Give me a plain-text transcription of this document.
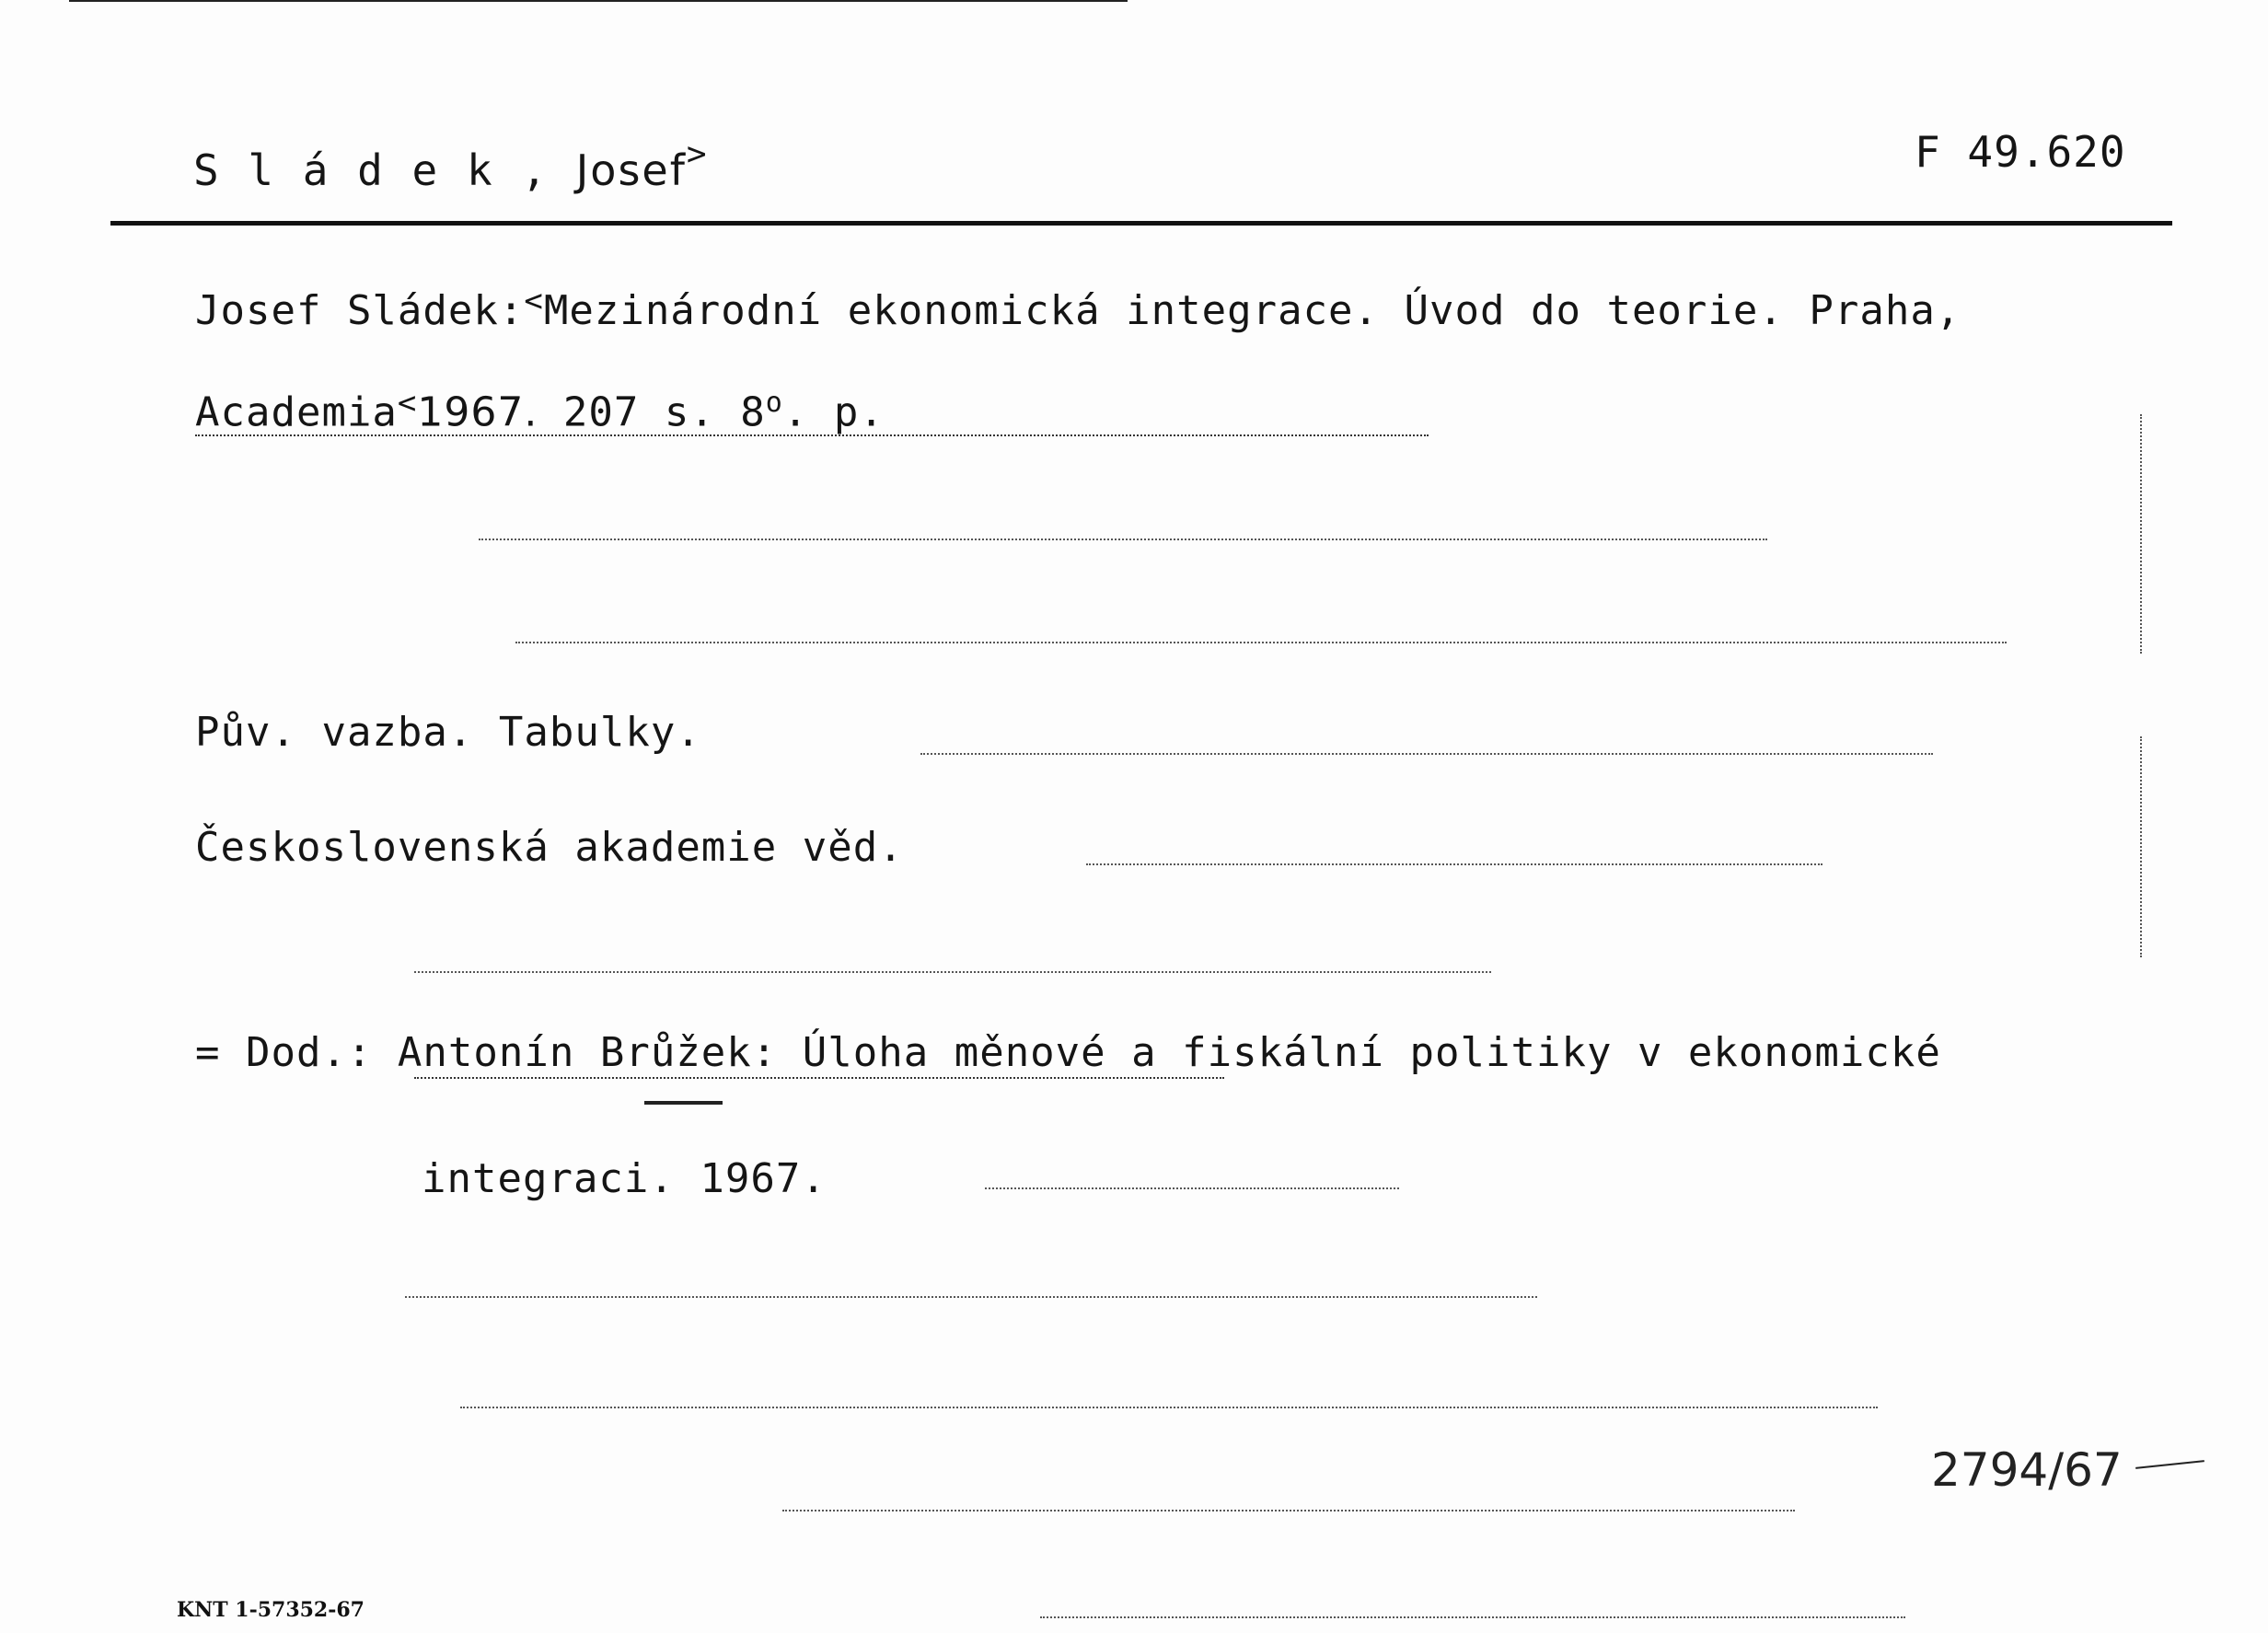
S l á d e k , Josef>	F 49.620
Josef Sládek:<Mezinárodní ekonomická integrace. Úvod do teorie. Praha,
Academia<1967. 207 s. 8$^o$. p.
Pův. vazba. Tabulky.
Československá akademie věd.
= Dod.: Antonín Brůžek: Úloha měnové a fiskální politiky v ekonomické
integraci. 1967.
2794/67
KNT 1-57352-67
